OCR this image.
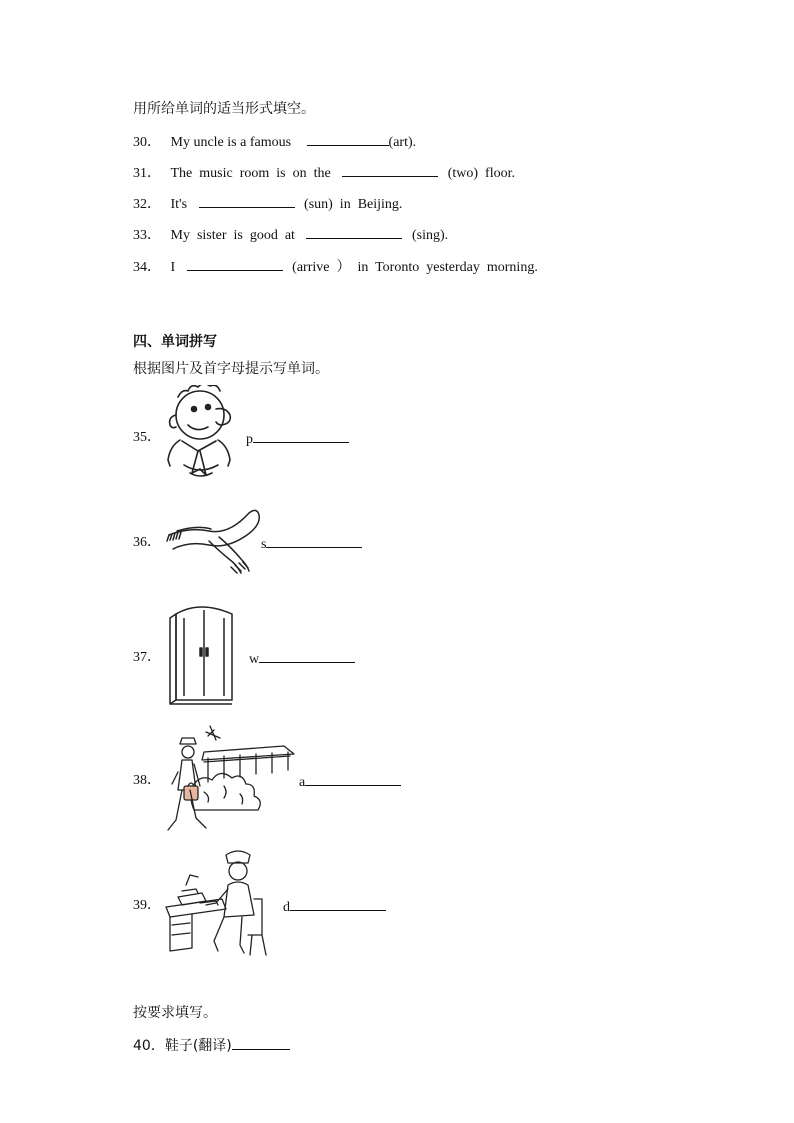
用所给单词的适当形式填空。
30． My uncle is a famous	(art).
31． The  music  room  is  on  the	(two)  floor.
32． It's	(sun)  in  Beijing.
33． My  sister  is  good  at	(sing).
34． I	(arrive  ）  in  Toronto  yesterday  morning.
四、单词拼写
根据图片及首字母提示写单词。
35．	p
36．	s
37．	w
38．	a
39．	d
按要求填写。
40．鞋子(翻译)
